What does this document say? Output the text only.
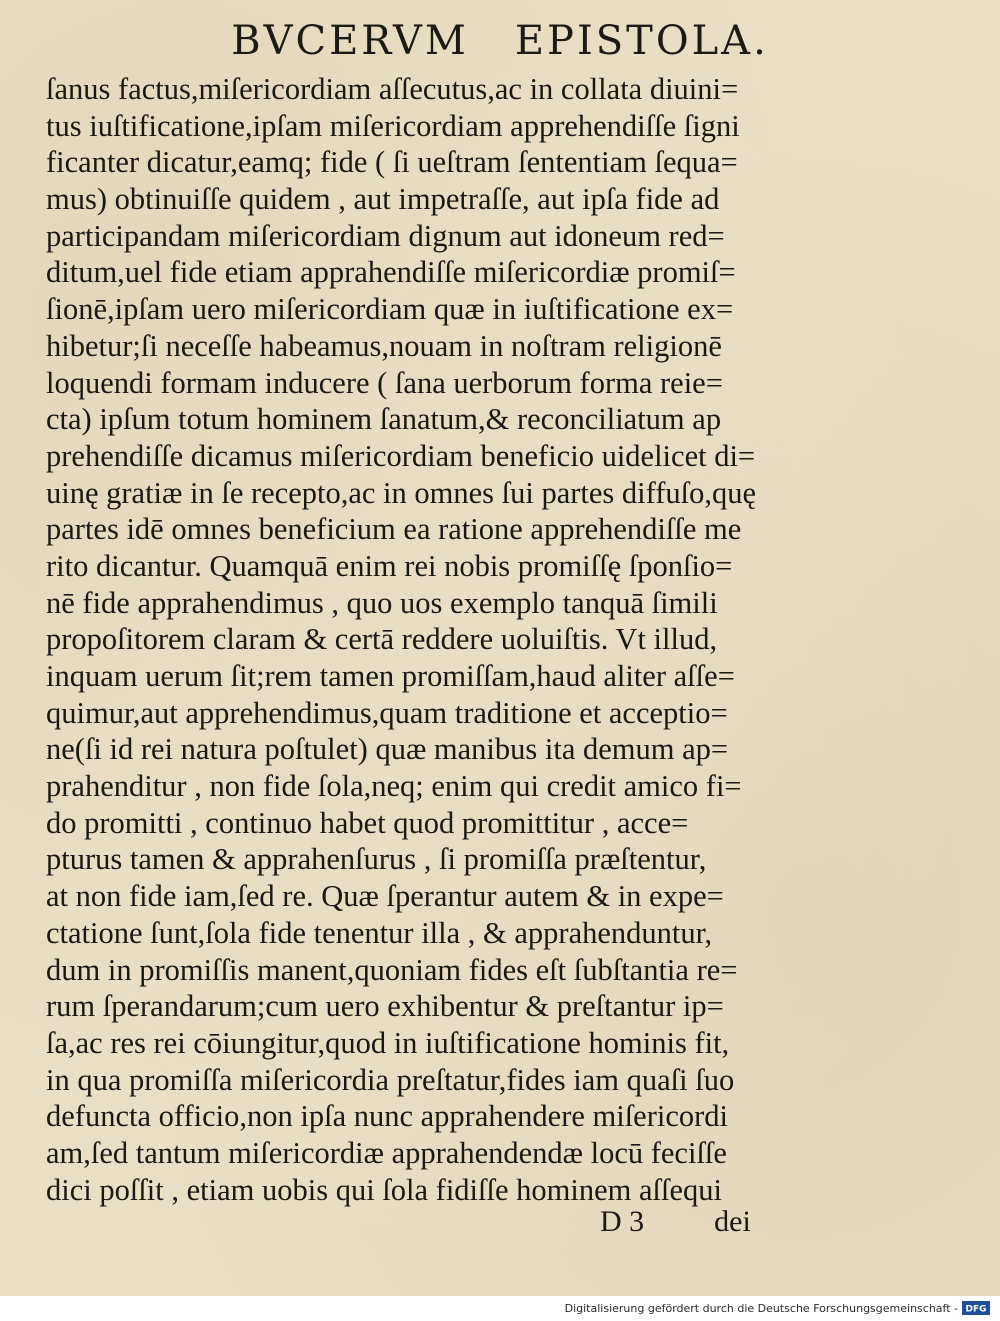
BVCERVM EPISTOLA.
ſanus factus,miſericordiam aſſecutus,ac in collata diuini=
tus iuſtificatione,ipſam miſericordiam apprehendiſſe ſigni
ficanter dicatur,eamq; fide ( ſi ueſtram ſententiam ſequa=
mus) obtinuiſſe quidem , aut impetraſſe, aut ipſa fide ad
participandam miſericordiam dignum aut idoneum red=
ditum,uel fide etiam apprahendiſſe miſericordiæ promiſ=
ſionē,ipſam uero miſericordiam quæ in iuſtificatione ex=
hibetur;ſi neceſſe habeamus,nouam in noſtram religionē
loquendi formam inducere ( ſana uerborum forma reie=
cta) ipſum totum hominem ſanatum,& reconciliatum ap
prehendiſſe dicamus miſericordiam beneficio uidelicet di=
uinę gratiæ in ſe recepto,ac in omnes ſui partes diffuſo,quę
partes idē omnes beneficium ea ratione apprehendiſſe me
rito dicantur. Quamquā enim rei nobis promiſſę ſponſio=
nē fide apprahendimus , quo uos exemplo tanquā ſimili
propoſitorem claram & certā reddere uoluiſtis. Vt illud,
inquam uerum ſit;rem tamen promiſſam,haud aliter aſſe=
quimur,aut apprehendimus,quam traditione et acceptio=
ne(ſi id rei natura poſtulet) quæ manibus ita demum ap=
prahenditur , non fide ſola,neq; enim qui credit amico fi=
do promitti , continuo habet quod promittitur , acce=
pturus tamen & apprahenſurus , ſi promiſſa præſtentur,
at non fide iam,ſed re. Quæ ſperantur autem & in expe=
ctatione ſunt,ſola fide tenentur illa , & apprahenduntur,
dum in promiſſis manent,quoniam fides eſt ſubſtantia re=
rum ſperandarum;cum uero exhibentur & preſtantur ip=
ſa,ac res rei cōiungitur,quod in iuſtificatione hominis fit,
in qua promiſſa miſericordia preſtatur,fides iam quaſi ſuo
defuncta officio,non ipſa nunc apprahendere miſericordi
am,ſed tantum miſericordiæ apprahendendæ locū feciſſe
dici poſſit , etiam uobis qui ſola fidiſſe hominem aſſequi
D 3 dei
Digitalisierung gefördert durch die Deutsche Forschungsgemeinschaft - DFG
